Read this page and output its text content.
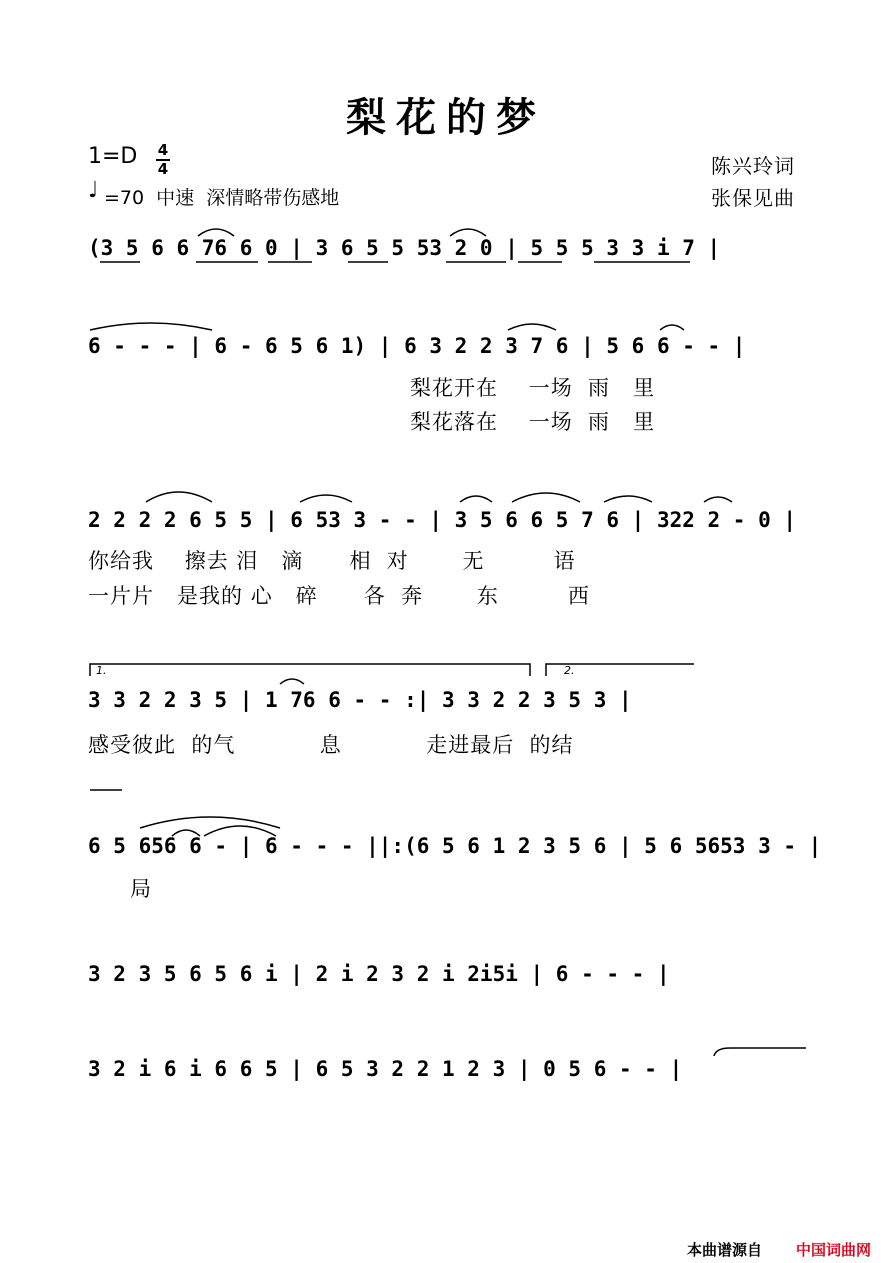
梨花的梦
1=D 4
4
♩ =70  中速  深情略带伤感地
陈兴玲词
张保见曲
(3 5 6 6 76 6 0 | 3 6 5 5 53 2 0 | 5 5 5 3 3 i 7 |
6 - - - | 6 - 6 5 6 1) | 6 3 2 2 3 7 6 | 5 6 6 - - |
梨花开在    一场  雨   里
梨花落在    一场  雨   里
2 2 2 2 6 5 5 | 6 53 3 - - | 3 5 6 6 5 7 6 | 322 2 - 0 |
你给我    擦去 泪   滴      相  对       无         语
一片片   是我的 心   碎      各  奔       东         西
1.	2.
3 3 2 2 3 5 | 1 76 6 - - :| 3 3 2 2 3 5 3 |
感受彼此  的气           息           走进最后  的结
6 5 656 6 - | 6 - - - ||:(6 5 6 1 2 3 5 6 | 5 6 5653 3 - |
局
3 2 3 5 6 5 6 i | 2 i 2 3 2 i 2i5i | 6 - - - |
3 2 i 6 i 6 6 5 | 6 5 3 2 2 1 2 3 | 0 5 6 - - |
本曲谱源自 中国词曲网
